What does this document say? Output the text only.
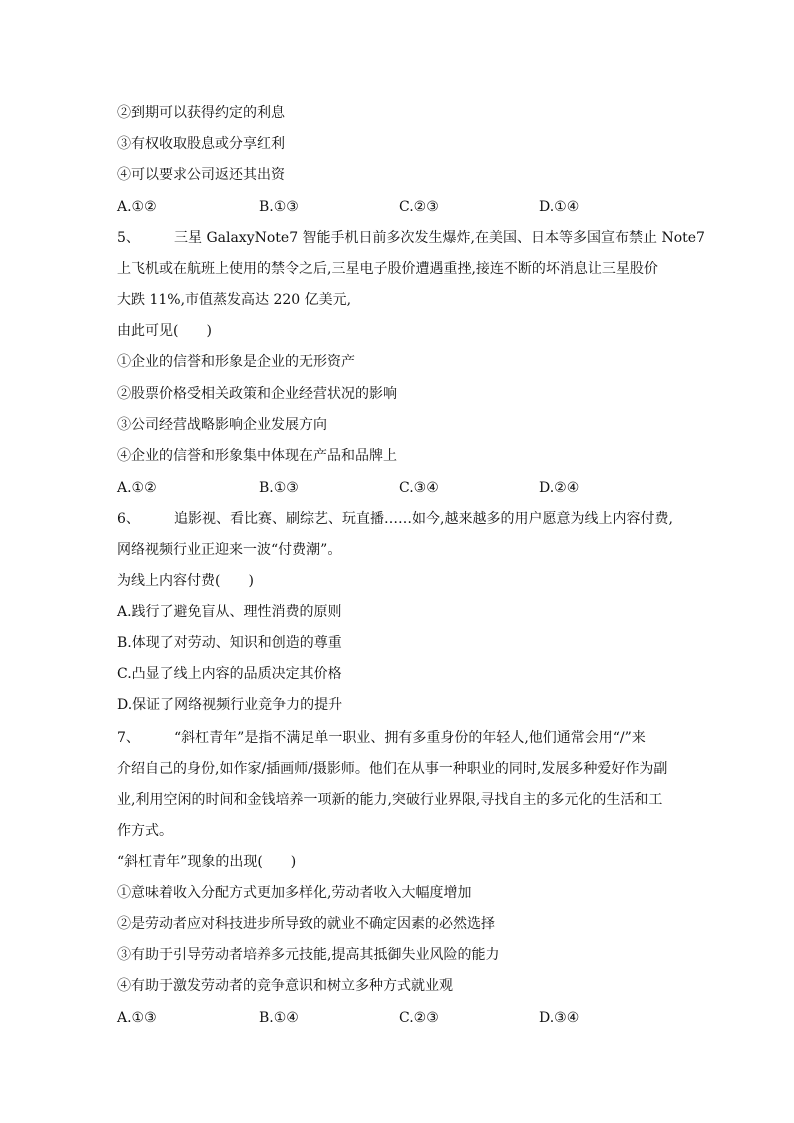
②到期可以获得约定的利息
③有权收取股息或分享红利
④可以要求公司返还其出资
A.①②	B.①③	C.②③	D.①④
5、 三星 GalaxyNote7 智能手机日前多次发生爆炸,在美国、日本等多国宣布禁止 Note7
上飞机或在航班上使用的禁令之后,三星电子股价遭遇重挫,接连不断的坏消息让三星股价
大跌 11%,市值蒸发高达 220 亿美元,
由此可见(　　)
①企业的信誉和形象是企业的无形资产
②股票价格受相关政策和企业经营状况的影响
③公司经营战略影响企业发展方向
④企业的信誉和形象集中体现在产品和品牌上
A.①②	B.①③	C.③④	D.②④
6、 追影视、看比赛、刷综艺、玩直播……如今,越来越多的用户愿意为线上内容付费,
网络视频行业正迎来一波“付费潮”。
为线上内容付费(　　)
A.践行了避免盲从、理性消费的原则
B.体现了对劳动、知识和创造的尊重
C.凸显了线上内容的品质决定其价格
D.保证了网络视频行业竞争力的提升
7、 “斜杠青年”是指不满足单一职业、拥有多重身份的年轻人,他们通常会用“/”来
介绍自己的身份,如作家/插画师/摄影师。他们在从事一种职业的同时,发展多种爱好作为副
业,利用空闲的时间和金钱培养一项新的能力,突破行业界限,寻找自主的多元化的生活和工
作方式。
“斜杠青年”现象的出现(　　)
①意味着收入分配方式更加多样化,劳动者收入大幅度增加
②是劳动者应对科技进步所导致的就业不确定因素的必然选择
③有助于引导劳动者培养多元技能,提高其抵御失业风险的能力
④有助于激发劳动者的竞争意识和树立多种方式就业观
A.①③	B.①④	C.②③	D.③④
